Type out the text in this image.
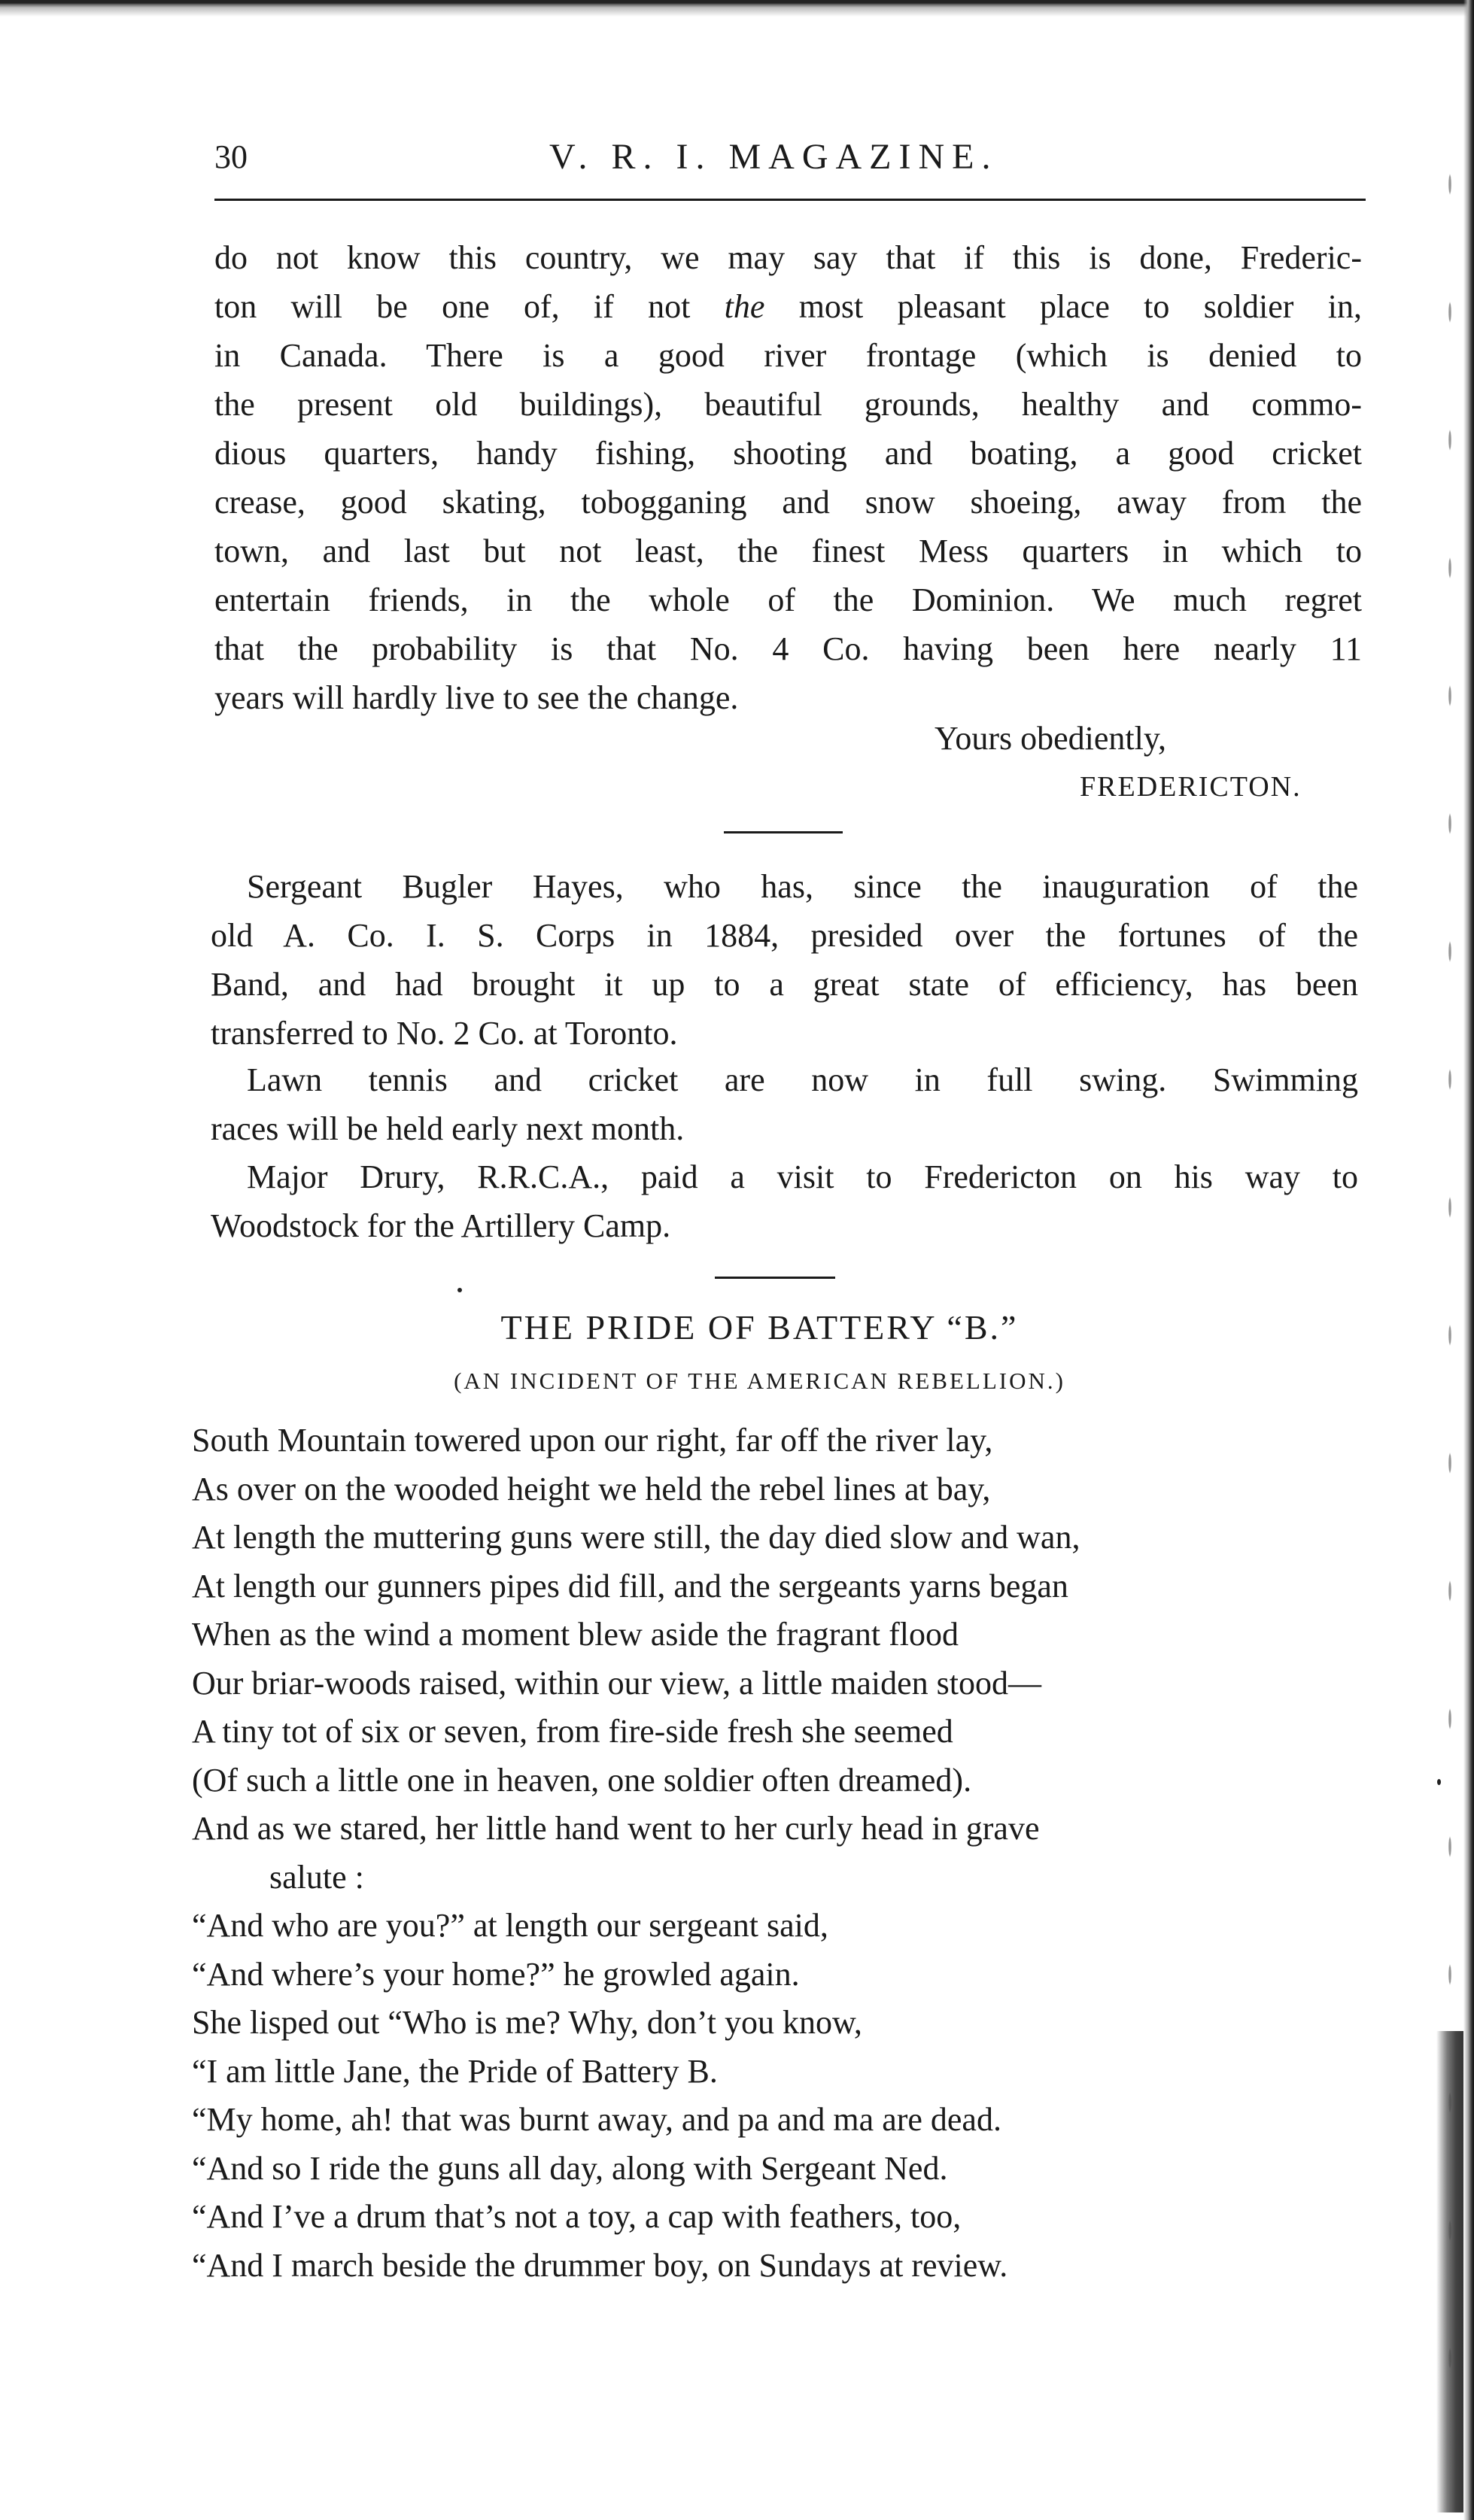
30	V. R. I. MAGAZINE.
do not know this country, we may say that if this is done, Frederic-
ton will be one of, if not the most pleasant place to soldier in,
in Canada. There is a good river frontage (which is denied to
the present old buildings), beautiful grounds, healthy and commo-
dious quarters, handy fishing, shooting and boating, a good cricket
crease, good skating, tobogganing and snow shoeing, away from the
town, and last but not least, the finest Mess quarters in which to
entertain friends, in the whole of the Dominion. We much regret
that the probability is that No. 4 Co. having been here nearly 11
years will hardly live to see the change.
Yours obediently,
FREDERICTON.
Sergeant Bugler Hayes, who has, since the inauguration of the
old A. Co. I. S. Corps in 1884, presided over the fortunes of the
Band, and had brought it up to a great state of efficiency, has been
transferred to No. 2 Co. at Toronto.
Lawn tennis and cricket are now in full swing. Swimming
races will be held early next month.
Major Drury, R.R.C.A., paid a visit to Fredericton on his way to
Woodstock for the Artillery Camp.
THE PRIDE OF BATTERY “B.”
(AN INCIDENT OF THE AMERICAN REBELLION.)
South Mountain towered upon our right, far off the river lay,
As over on the wooded height we held the rebel lines at bay,
At length the muttering guns were still, the day died slow and wan,
At length our gunners pipes did fill, and the sergeants yarns began
When as the wind a moment blew aside the fragrant flood
Our briar-woods raised, within our view, a little maiden stood—
A tiny tot of six or seven, from fire-side fresh she seemed
(Of such a little one in heaven, one soldier often dreamed).
And as we stared, her little hand went to her curly head in grave
salute :
“And who are you?” at length our sergeant said,
“And where’s your home?” he growled again.
She lisped out “Who is me? Why, don’t you know,
“I am little Jane, the Pride of Battery B.
“My home, ah! that was burnt away, and pa and ma are dead.
“And so I ride the guns all day, along with Sergeant Ned.
“And I’ve a drum that’s not a toy, a cap with feathers, too,
“And I march beside the drummer boy, on Sundays at review.
